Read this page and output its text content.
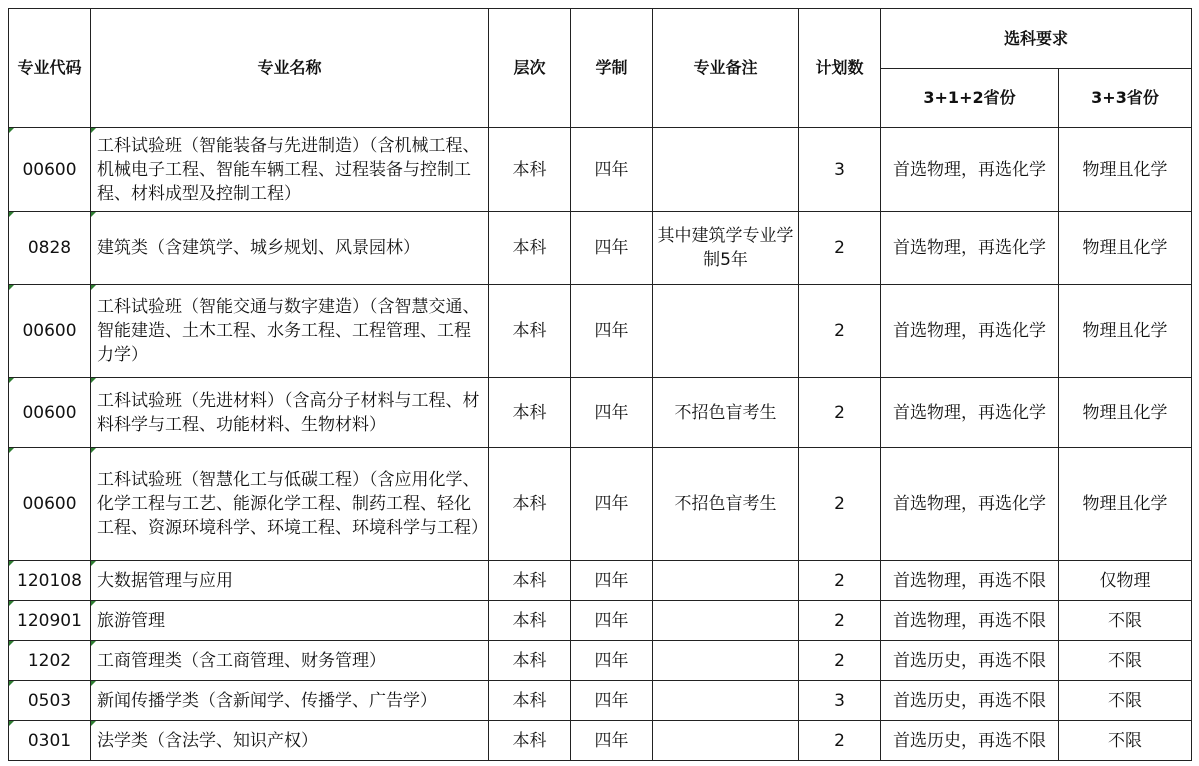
专业代码	专业名称	层次	学制	专业备注	计划数	选科要求	
						3+1+2省份	3+3省份
00600	工科试验班（智能装备与先进制造）（含机械工程、机械电子工程、智能车辆工程、过程装备与控制工程、材料成型及控制工程）	本科	四年		3	首选物理，再选化学	物理且化学
0828	建筑类（含建筑学、城乡规划、风景园林）	本科	四年	其中建筑学专业学制5年	2	首选物理，再选化学	物理且化学
00600	工科试验班（智能交通与数字建造）（含智慧交通、智能建造、土木工程、水务工程、工程管理、工程力学）	本科	四年		2	首选物理，再选化学	物理且化学
00600	工科试验班（先进材料）（含高分子材料与工程、材料科学与工程、功能材料、生物材料）	本科	四年	不招色盲考生	2	首选物理，再选化学	物理且化学
00600	工科试验班（智慧化工与低碳工程）（含应用化学、化学工程与工艺、能源化学工程、制药工程、轻化工程、资源环境科学、环境工程、环境科学与工程）	本科	四年	不招色盲考生	2	首选物理，再选化学	物理且化学
120108	大数据管理与应用	本科	四年		2	首选物理，再选不限	仅物理
120901	旅游管理	本科	四年		2	首选物理，再选不限	不限
1202	工商管理类（含工商管理、财务管理）	本科	四年		2	首选历史，再选不限	不限
0503	新闻传播学类（含新闻学、传播学、广告学）	本科	四年		3	首选历史，再选不限	不限
0301	法学类（含法学、知识产权）	本科	四年		2	首选历史，再选不限	不限
